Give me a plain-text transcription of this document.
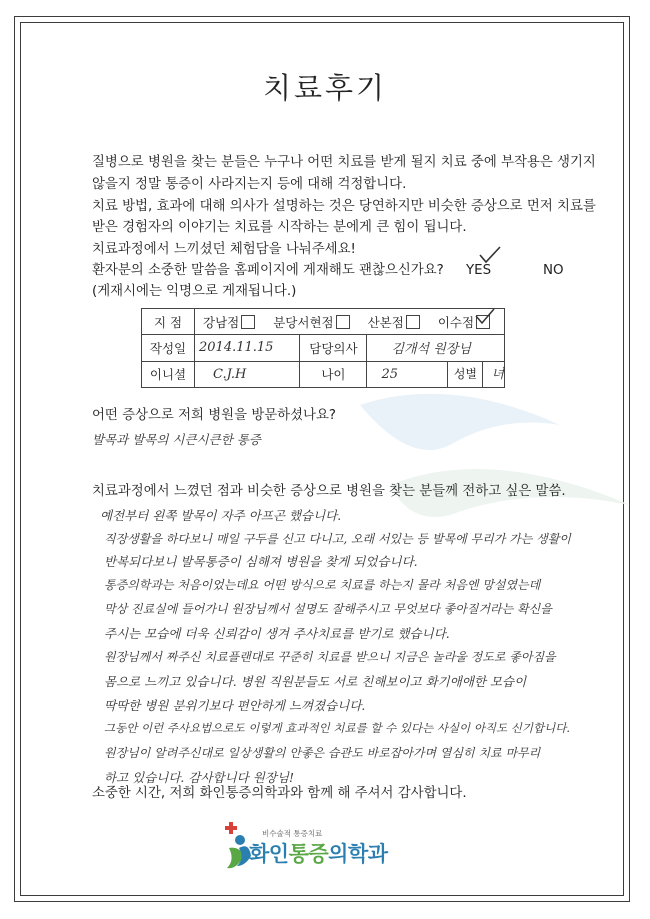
치료후기
질병으로 병원을 찾는 분들은 누구나 어떤 치료를 받게 될지 치료 중에 부작용은 생기지
않을지 정말 통증이 사라지는지 등에 대해 걱정합니다.
치료 방법, 효과에 대해 의사가 설명하는 것은 당연하지만 비슷한 증상으로 먼저 치료를
받은 경험자의 이야기는 치료를 시작하는 분에게 큰 힘이 됩니다.
치료과정에서 느끼셨던 체험담을 나눠주세요!
환자분의 소중한 말씀을 홈페이지에 게재해도 괜찮으신가요?
(게재시에는 익명으로 게재됩니다.)
YES	NO
지 점	강남점 분당서현점 산본점 이수점			

작성일	2014.11.15	담당의사	김개석 원장님	
이니셜	C.J.H	나이	25	성별 녀
어떤 증상으로 저희 병원을 방문하셨나요?
발목과 발목의 시큰시큰한 통증
치료과정에서 느꼈던 점과 비슷한 증상으로 병원을 찾는 분들께 전하고 싶은 말씀.
예전부터 왼쪽 발목이 자주 아프곤 했습니다.
직장생활을 하다보니 매일 구두를 신고 다니고, 오래 서있는 등 발목에 무리가 가는 생활이
반복되다보니 발목통증이 심해져 병원을 찾게 되었습니다.
통증의학과는 처음이었는데요 어떤 방식으로 치료를 하는지 몰라 처음엔 망설였는데
막상 진료실에 들어가니 원장님께서 설명도 잘해주시고 무엇보다 좋아질거라는 확신을
주시는 모습에 더욱 신뢰감이 생겨 주사치료를 받기로 했습니다.
원장님께서 짜주신 치료플랜대로 꾸준히 치료를 받으니 지금은 놀라울 정도로 좋아짐을
몸으로 느끼고 있습니다. 병원 직원분들도 서로 친해보이고 화기애애한 모습이
딱딱한 병원 분위기보다 편안하게 느껴졌습니다.
그동안 이런 주사요법으로도 이렇게 효과적인 치료를 할 수 있다는 사실이 아직도 신기합니다.
원장님이 알려주신대로 일상생활의 안좋은 습관도 바로잡아가며 열심히 치료 마무리
하고 있습니다. 감사합니다 원장님!
소중한 시간, 저희 화인통증의학과와 함께 해 주셔서 감사합니다.
비수술적 통증치료
화인통증의학과
